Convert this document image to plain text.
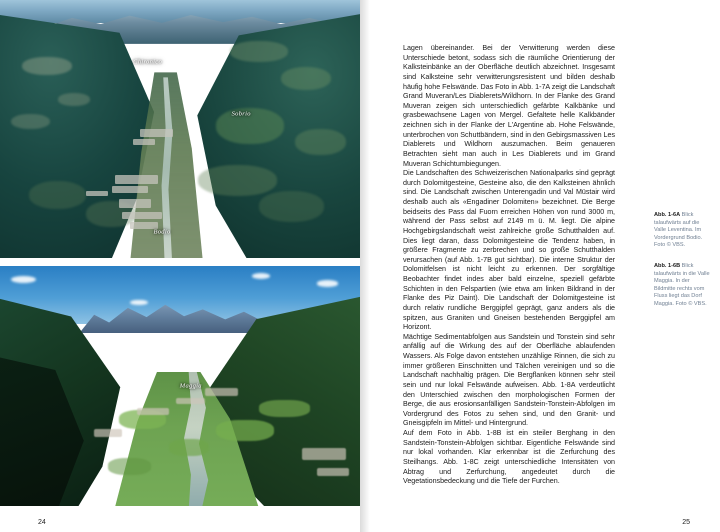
Chironico
Sobrio
Bodio
Maggia
24

Lagen übereinander. Bei der Verwitterung werden diese Unterschiede betont, sodass sich die räumliche Orientierung der Kalksteinbänke an der Oberfläche deutlich abzeichnet. Insgesamt sind Kalksteine sehr verwitterungsresistent und bilden deshalb häufig hohe Felswände. Das Foto in Abb. 1-7A zeigt die Landschaft Grand Muveran/Les Diablerets/Wildhorn. In der Flanke des Grand Muveran zeigen sich unterschiedlich gefärbte Kalkbänke und grasbewachsene Lagen von Mergel. Gefaltete helle Kalkbänder zeichnen sich in der Flanke der L'Argentine ab. Hohe Felswände, unterbrochen von Schuttbändern, sind in den Gebirgsmassiven Les Diablerets und Wildhorn auszumachen. Beim genaueren Betrachten sieht man auch in Les Diablerets und im Grand Muveran Schichtumbiegungen.

Die Landschaften des Schweizerischen Nationalparks sind geprägt durch Dolomitgesteine, Gesteine also, die den Kalksteinen ähnlich sind. Die Landschaft zwischen Unterengadin und Val Müstair wird deshalb auch als «Engadiner Dolomiten» bezeichnet. Die Berge beidseits des Pass dal Fuorn erreichen Höhen von rund 3000 m, während der Pass selbst auf 2149 m ü. M. liegt. Die alpine Hochgebirgslandschaft weist zahlreiche große Schutthalden auf. Dies liegt daran, dass Dolomitgesteine die Tendenz haben, in größere Fragmente zu zerbrechen und so große Schutthalden verursachen (auf Abb. 1-7B gut sichtbar). Die interne Struktur der Dolomitfelsen ist nicht leicht zu erkennen. Der sorgfältige Beobachter findet indes aber bald einzelne, speziell gefärbte Schichten in den Felspartien (wie etwa am linken Bildrand in der Flanke des Piz Daint). Die Landschaft der Dolomitgesteine ist durch relativ rundliche Berggipfel geprägt, ganz anders als die spitzen, aus Graniten und Gneisen bestehenden Berggipfel am Horizont.

Mächtige Sedimentabfolgen aus Sandstein und Tonstein sind sehr anfällig auf die Wirkung des auf der Oberfläche ablaufenden Wassers. Als Folge davon entstehen unzählige Rinnen, die sich zu immer größeren Einschnitten und Tälchen vereinigen und so die Landschaft nachhaltig prägen. Die Bergflanken können sehr steil sein und nur lokal Felswände aufweisen. Abb. 1-8A verdeutlicht den Unterschied zwischen den morphologischen Formen der Berge, die aus erosionsanfälligen Sandstein-Tonstein-Abfolgen im Vordergrund des Fotos zu sehen sind, und den Granit- und Gneisgipfeln im Mittel- und Hintergrund.

Auf dem Foto in Abb. 1-8B ist ein steiler Berghang in den Sandstein-Tonstein-Abfolgen sichtbar. Eigentliche Felswände sind nur lokal vorhanden. Klar erkennbar ist die Zerfurchung des Steilhangs. Abb. 1-8C zeigt unterschiedliche Intensitäten von Abtrag und Zerfurchung, angedeutet durch die Vegetationsbedeckung und die Tiefe der Furchen.

Abb. 1-6A Blick talaufwärts auf die Valle Leventina. Im Vordergrund Bodio. Foto © VBS.

Abb. 1-6B Blick talaufwärts in die Valle Maggia. In der Bildmitte rechts vom Fluss liegt das Dorf Maggia. Foto © VBS.

25
